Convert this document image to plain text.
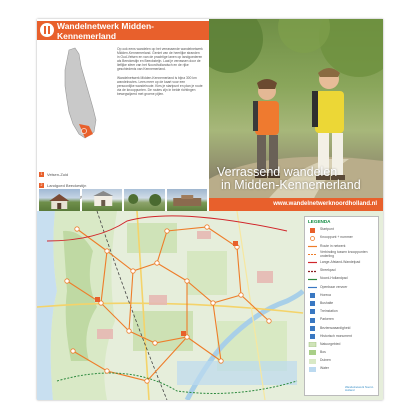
Wandelnetwerk Midden-Kennemerland

Op ook eens wandelen op het verrassende wandelnetwerk Midden-Kennemerland. Geniet van de heerlijke stranden in Oud-Velsen en van de prachtige lanen op landgoederen als Beeckestijn en Beecksteijn. Laat je verrassen door de lieflijke sfeer van het Noordhollandsch en de rijke geschiedenis van Kennemerland.

Wandelnetwerk Midden-Kennemerland is bijna 300 km wandelroutes. Lees meer op de kaart voor een persoonlijke wandelroute. Kies je startpunt en plan je route via de knooppunten. De routes zijn in beide richtingen bewegwijzerd met groene pijlen.

1	Velsen-Zuid
2	Landgoed Beeckestijn
Verrassend wandelen
in Midden-Kennemerland
www.wandelnetwerknoordholland.nl
LEGENDA
Startpunt
Knooppunt + nummer
Route in netwerk
Verbinding tussen knooppunten onderling
Lange-Afstand-Wandelpad
Streekpad
Noord-Hollandpad
Openbaar vervoer
Horeca
Bushalte
Treinstation
Parkeren
Bezienswaardigheid
Historisch monument
Natuurgebied
Bos
Duinen
Water
Wandelnetwerk Noord-Holland
